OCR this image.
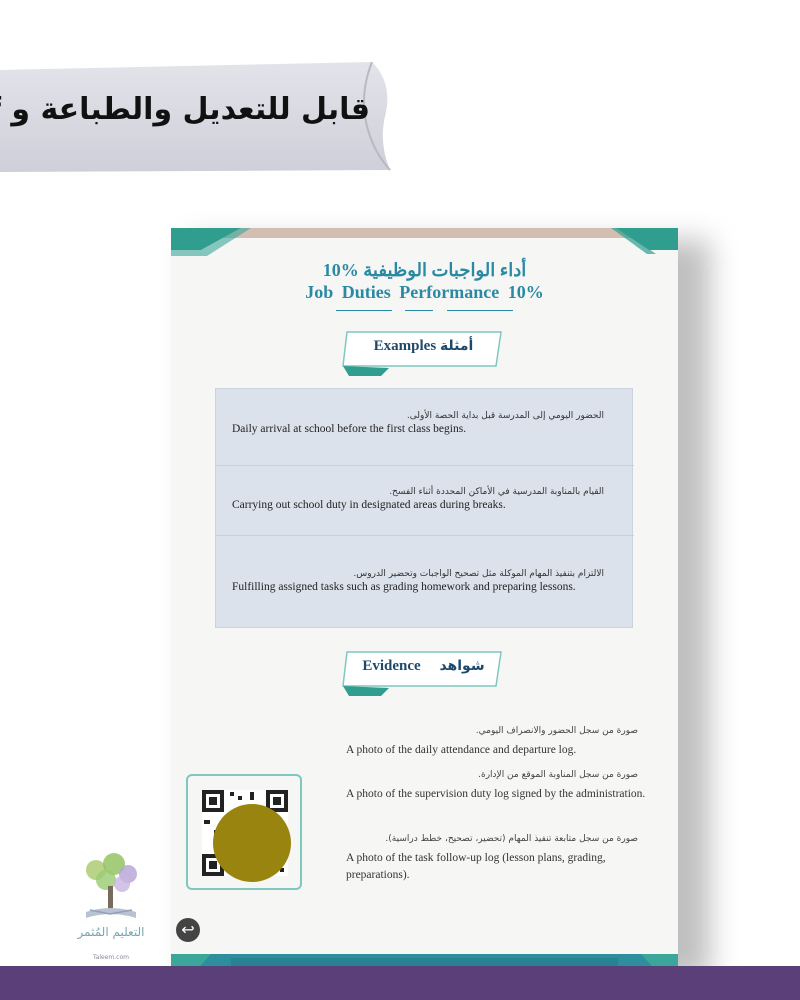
قابل للتعديل والطباعة و
10% أداء الواجبات الوظيفية
Job Duties Performance 10%
Examples أمثلة
الحضور اليومي إلى المدرسة قبل بداية الحصة الأولى.
Daily arrival at school before the first class begins.
القيام بالمناوبة المدرسية في الأماكن المحددة أثناء الفسح.
Carrying out school duty in designated areas during breaks.
الالتزام بتنفيذ المهام الموكلة مثل تصحيح الواجبات وتحضير الدروس.
Fulfilling assigned tasks such as grading homework and preparing lessons.
Evidence شواهد
صورة من سجل الحضور والانصراف اليومي.
A photo of the daily attendance and departure log.
صورة من سجل المناوبة الموقع من الإدارة.
A photo of the supervision duty log signed by the administration.
صورة من سجل متابعة تنفيذ المهام (تحضير، تصحيح، خطط دراسية).
A photo of the task follow-up log (lesson plans, grading, preparations).
↩
التعليم المُثمر
Taleem.com
